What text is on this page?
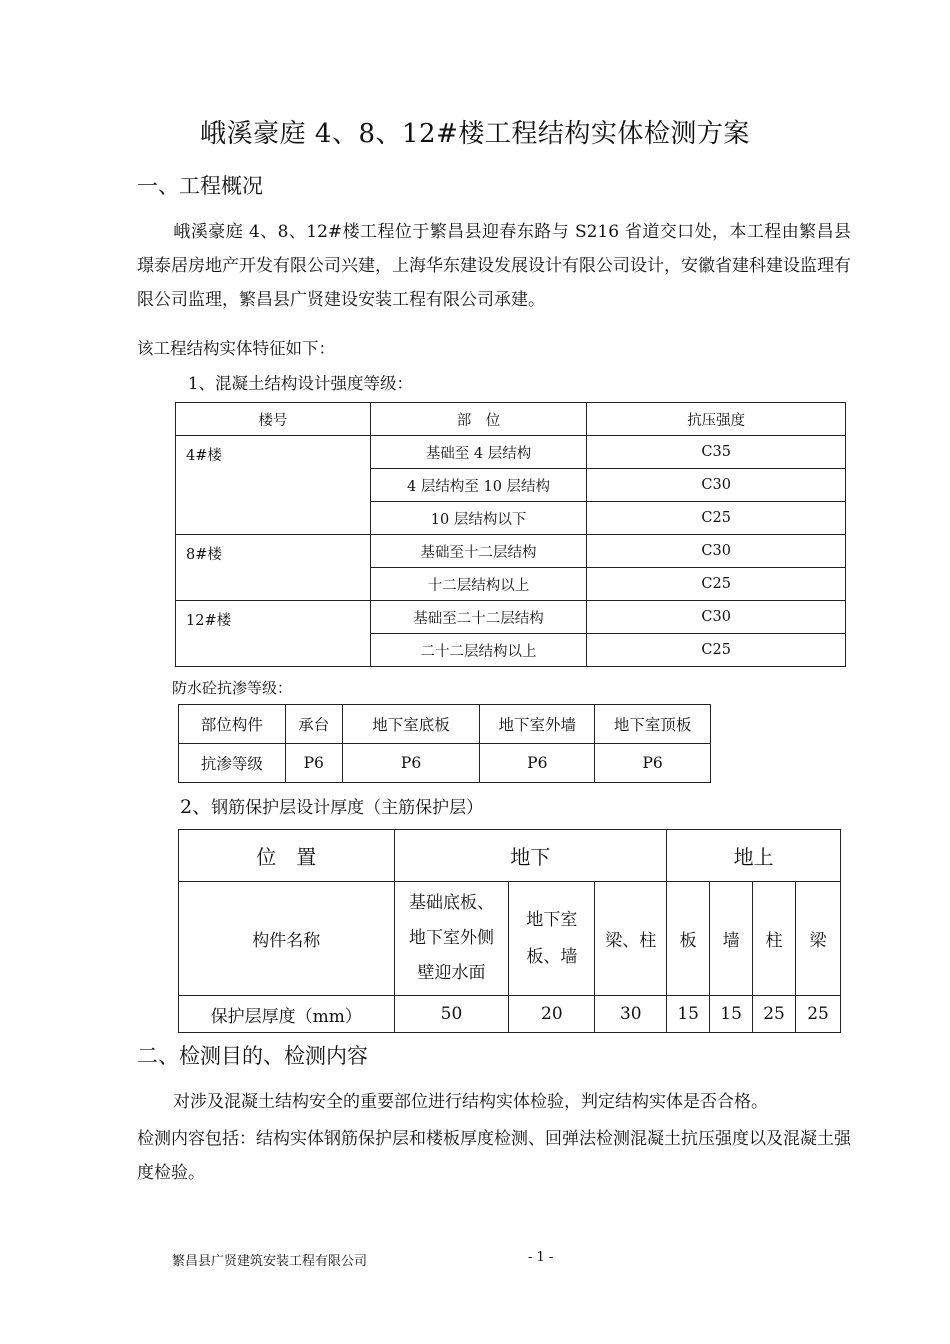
峨溪豪庭 4、8、12#楼工程结构实体检测方案
一、工程概况
峨溪豪庭 4、8、12#楼工程位于繁昌县迎春东路与 S216 省道交口处，本工程由繁昌县璟泰居房地产开发有限公司兴建，上海华东建设发展设计有限公司设计，安徽省建科建设监理有限公司监理，繁昌县广贤建设安装工程有限公司承建。
该工程结构实体特征如下：
1、混凝土结构设计强度等级：
楼号	部　位	抗压强度
4#楼	基础至 4 层结构	C35
	4 层结构至 10 层结构	C30
	10 层结构以下	C25
8#楼	基础至十二层结构	C30
	十二层结构以上	C25
12#楼	基础至二十二层结构	C30
	二十二层结构以上	C25
防水砼抗渗等级：
部位构件	承台	地下室底板	地下室外墙	地下室顶板
抗渗等级	P6	P6	P6	P6
2、钢筋保护层设计厚度（主筋保护层）
位　置	地下			地上			
构件名称	基础底板、地下室外侧壁迎水面	地下室板、墙	梁、柱	板	墙	柱	梁
保护层厚度（mm）	50	20	30	15	15	25	25
二、检测目的、检测内容
对涉及混凝土结构安全的重要部位进行结构实体检验，判定结构实体是否合格。
检测内容包括：结构实体钢筋保护层和楼板厚度检测、回弹法检测混凝土抗压强度以及混凝土强度检验。
繁昌县广贤建筑安装工程有限公司	- 1 -
